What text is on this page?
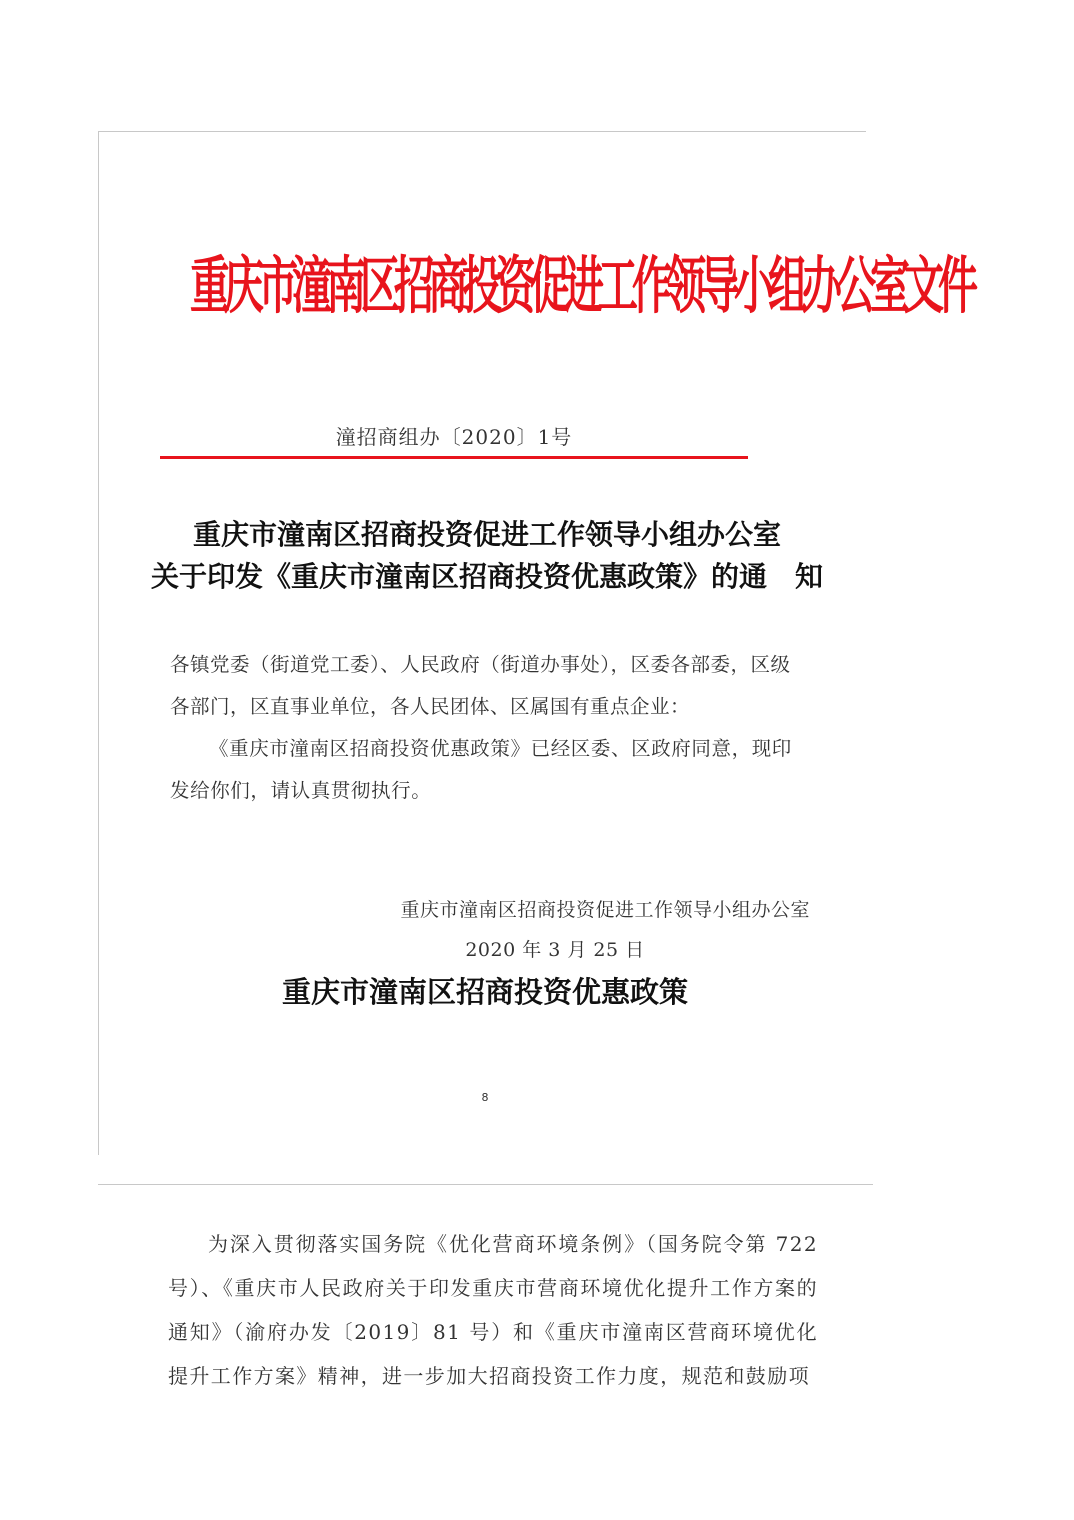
重庆市潼南区招商投资促进工作领导小组办公室文件
潼招商组办〔2020〕1号
重庆市潼南区招商投资促进工作领导小组办公室
关于印发《重庆市潼南区招商投资优惠政策》的通　知
各镇党委（街道党工委）、人民政府（街道办事处），区委各部委，区级各部门，区直事业单位，各人民团体、区属国有重点企业：
《重庆市潼南区招商投资优惠政策》已经区委、区政府同意，现印发给你们，请认真贯彻执行。
重庆市潼南区招商投资促进工作领导小组办公室
2020 年 3 月 25 日
重庆市潼南区招商投资优惠政策
8
为深入贯彻落实国务院《优化营商环境条例》（国务院令第 722 号）、《重庆市人民政府关于印发重庆市营商环境优化提升工作方案的通知》（渝府办发〔2019〕81 号）和《重庆市潼南区营商环境优化提升工作方案》精神，进一步加大招商投资工作力度，规范和鼓励项
